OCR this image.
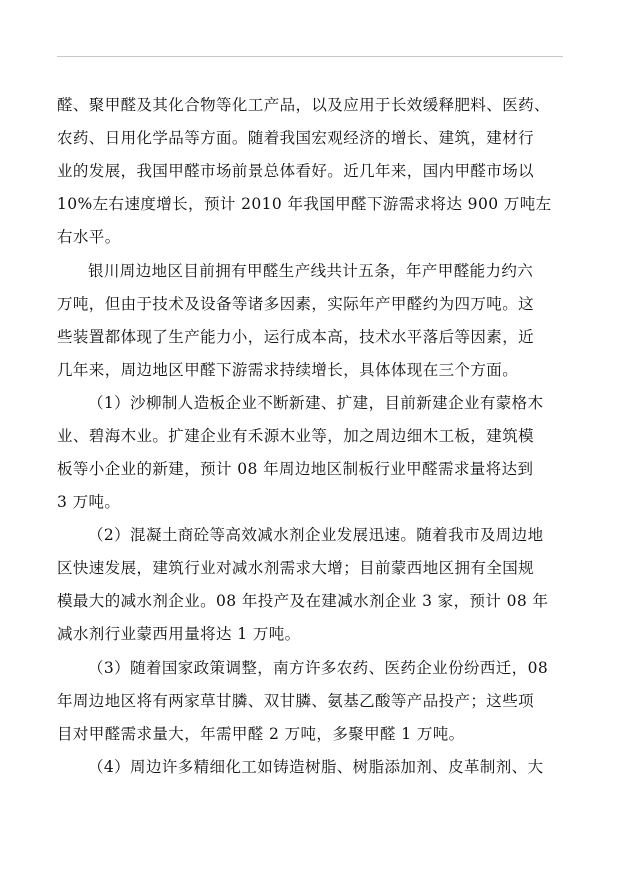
醛、聚甲醛及其化合物等化工产品，以及应用于长效缓释肥料、医药、
农药、日用化学品等方面。随着我国宏观经济的增长、建筑，建材行
业的发展，我国甲醛市场前景总体看好。近几年来，国内甲醛市场以
10%左右速度增长，预计 2010 年我国甲醛下游需求将达 900 万吨左
右水平。
银川周边地区目前拥有甲醛生产线共计五条，年产甲醛能力约六
万吨，但由于技术及设备等诸多因素，实际年产甲醛约为四万吨。这
些装置都体现了生产能力小，运行成本高，技术水平落后等因素，近
几年来，周边地区甲醛下游需求持续增长，具体体现在三个方面。
（1）沙柳制人造板企业不断新建、扩建，目前新建企业有蒙格木
业、碧海木业。扩建企业有禾源木业等，加之周边细木工板，建筑模
板等小企业的新建，预计 08 年周边地区制板行业甲醛需求量将达到
3 万吨。
（2）混凝土商砼等高效减水剂企业发展迅速。随着我市及周边地
区快速发展，建筑行业对减水剂需求大增；目前蒙西地区拥有全国规
模最大的减水剂企业。08 年投产及在建减水剂企业 3 家，预计 08 年
减水剂行业蒙西用量将达 1 万吨。
（3）随着国家政策调整，南方许多农药、医药企业份纷西迁，08
年周边地区将有两家草甘膦、双甘膦、氨基乙酸等产品投产；这些项
目对甲醛需求量大，年需甲醛 2 万吨，多聚甲醛 1 万吨。
（4）周边许多精细化工如铸造树脂、树脂添加剂、皮革制剂、大
